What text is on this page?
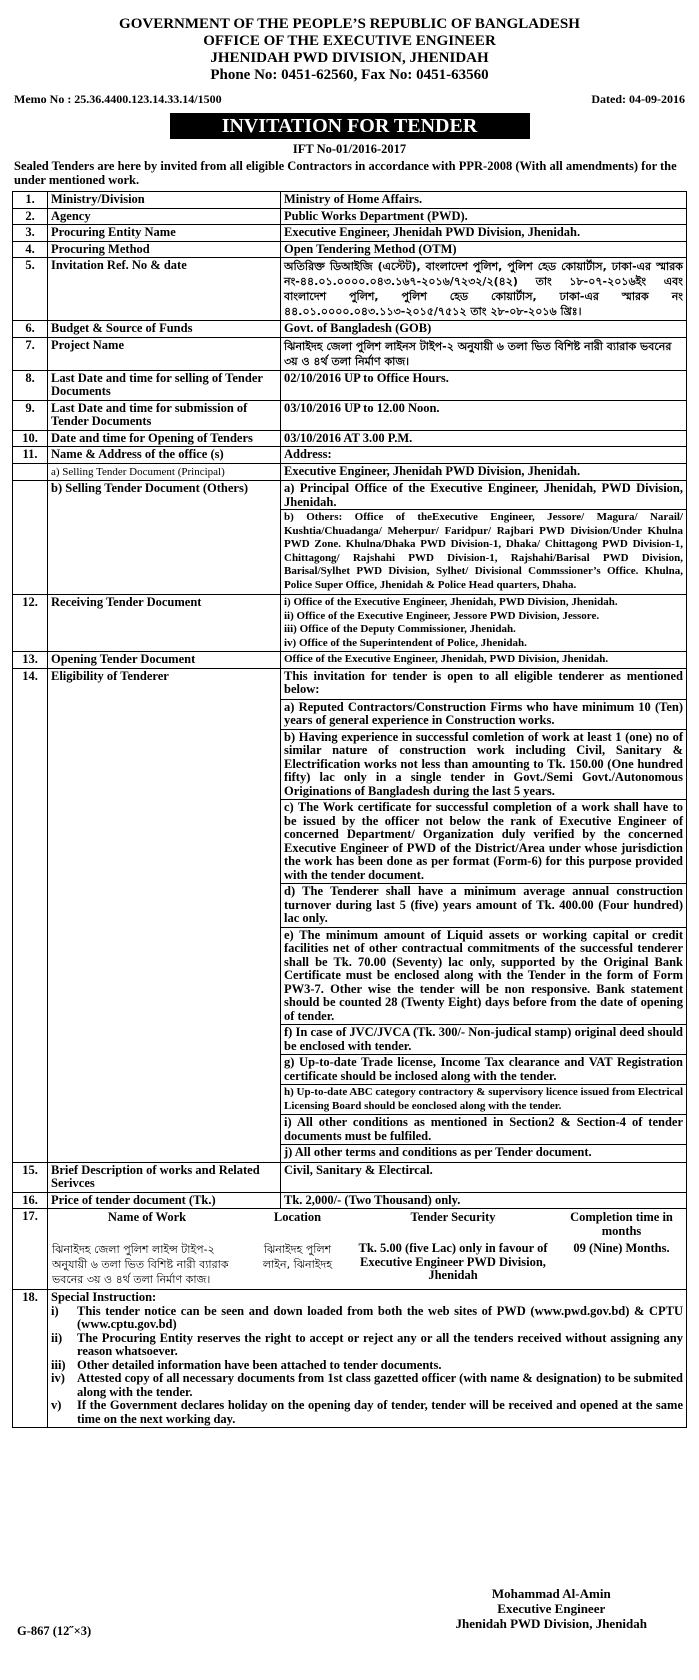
GOVERNMENT OF THE PEOPLE’S REPUBLIC OF BANGLADESH
OFFICE OF THE EXECUTIVE ENGINEER
JHENIDAH PWD DIVISION, JHENIDAH
Phone No: 0451-62560, Fax No: 0451-63560
Memo No : 25.36.4400.123.14.33.14/1500	Dated: 04-09-2016
INVITATION FOR TENDER
IFT No-01/2016-2017
Sealed Tenders are here by invited from all eligible Contractors in accordance with PPR-2008 (With all amendments) for the under mentioned work.
1.	Ministry/Division	Ministry of Home Affairs.
2.	Agency	Public Works Department (PWD).
3.	Procuring Entity Name	Executive Engineer, Jhenidah PWD Division, Jhenidah.
4.	Procuring Method	Open Tendering Method (OTM)
5.	Invitation Ref. No & date	অতিরিক্ত ডিআইজি (এস্টেট), বাংলাদেশ পুলিশ, পুলিশ হেড কোয়ার্টাস, ঢাকা-এর স্মারক নং-৪৪.০১.০০০০.০৪৩.১৬৭-২০১৬/৭২৩২/২(৪২) তাং ১৮-০৭-২০১৬ইং এবং বাংলাদেশ পুলিশ, পুলিশ হেড কোয়ার্টাস, ঢাকা-এর স্মারক নং ৪৪.০১.০০০০.০৪৩.১১৩-২০১৫/৭৫১২ তাং ২৮-০৮-২০১৬ খ্রিঃ।
6.	Budget & Source of Funds	Govt. of Bangladesh (GOB)
7.	Project Name	ঝিনাইদহ জেলা পুলিশ লাইনস টাইপ-২ অনুযায়ী ৬ তলা ভিত বিশিষ্ট নারী ব্যারাক ভবনের ৩য় ও ৪র্থ তলা নির্মাণ কাজ।
8.	Last Date and time for selling of Tender Documents	02/10/2016 UP to Office Hours.
9.	Last Date and time for submission of Tender Documents	03/10/2016 UP to 12.00 Noon.
10.	Date and time for Opening of Tenders	03/10/2016 AT 3.00 P.M.
11.	Name & Address of the office (s)	Address:
	a) Selling Tender Document (Principal)	Executive Engineer, Jhenidah PWD Division, Jhenidah.
	b) Selling Tender Document (Others)	a) Principal Office of the Executive Engineer, Jhenidah, PWD Division, Jhenidah.
b) Others: Office of theExecutive Engineer, Jessore/ Magura/ Narail/ Kushtia/Chuadanga/ Meherpur/ Faridpur/ Rajbari PWD Division/Under Khulna PWD Zone. Khulna/Dhaka PWD Division-1, Dhaka/ Chittagong PWD Division-1, Chittagong/ Rajshahi PWD Division-1, Rajshahi/Barisal PWD Division, Barisal/Sylhet PWD Division, Sylhet/ Divisional Commssioner’s Office. Khulna, Police Super Office, Jhenidah & Police Head quarters, Dhaha.

12.	Receiving Tender Document	i) Office of the Executive Engineer, Jhenidah, PWD Division, Jhenidah.
ii) Office of the Executive Engineer, Jessore PWD Division, Jessore.
iii) Office of the Deputy Commissioner, Jhenidah.
iv) Office of the Superintendent of Police, Jhenidah.

13.	Opening Tender Document	Office of the Executive Engineer, Jhenidah, PWD Division, Jhenidah.
14.	Eligibility of Tenderer	This invitation for tender is open to all eligible tenderer as mentioned below:
a) Reputed Contractors/Construction Firms who have minimum 10 (Ten) years of general experience in Construction works.
b) Having experience in successful comletion of work at least 1 (one) no of similar nature of construction work including Civil, Sanitary & Electrification works not less than amounting to Tk. 150.00 (One hundred fifty) lac only in a single tender in Govt./Semi Govt./Autonomous Originations of Bangladesh during the last 5 years.
c) The Work certificate for successful completion of a work shall have to be issued by the officer not below the rank of Executive Engineer of concerned Department/ Organization duly verified by the concerned Executive Engineer of PWD of the District/Area under whose jurisdiction the work has been done as per format (Form-6) for this purpose provided with the tender document.
d) The Tenderer shall have a minimum average annual construction turnover during last 5 (five) years amount of Tk. 400.00 (Four hundred) lac only.
e) The minimum amount of Liquid assets or working capital or credit facilities net of other contractual commitments of the successful tenderer shall be Tk. 70.00 (Seventy) lac only, supported by the Original Bank Certificate must be enclosed along with the Tender in the form of Form PW3-7. Other wise the tender will be non responsive. Bank statement should be counted 28 (Twenty Eight) days before from the date of opening of tender.
f) In case of JVC/JVCA (Tk. 300/- Non-judical stamp) original deed should be enclosed with tender.
g) Up-to-date Trade license, Income Tax clearance and VAT Registration certificate should be inclosed along with the tender.
h) Up-to-date ABC category contractory & supervisory licence issued from Electrical Licensing Board should be eonclosed along with the tender.
i) All other conditions as mentioned in Section2 & Section-4 of tender documents must be fulfiled.
j) All other terms and conditions as per Tender document.

15.	Brief Description of works and Related Serivces	Civil, Sanitary & Electircal.
16.	Price of tender document (Tk.)	Tk. 2,000/- (Two Thousand) only.
17.		Name of Work	Location	Tender Security	Completion time in months
ঝিনাইদহ জেলা পুলিশ লাইন্স টাইপ-২ অনুযায়ী ৬ তলা ভিত বিশিষ্ট নারী ব্যারাক ভবনের ৩য় ও ৪র্থ তলা নির্মাণ কাজ।	ঝিনাইদহ পুলিশ লাইন, ঝিনাইদহ	Tk. 5.00 (five Lac) only in favour of Executive Engineer PWD Division, Jhenidah	09 (Nine) Months.

18.	Special Instruction:
i)	This tender notice can be seen and down loaded from both the web sites of PWD (www.pwd.gov.bd) & CPTU (www.cptu.gov.bd)
ii)	The Procuring Entity reserves the right to accept or reject any or all the tenders received without assigning any reason whatsoever.
iii) Other detailed information have been attached to tender documents.
iv) Attested copy of all necessary documents from 1st class gazetted officer (with name & designation) to be submited along with the tender.
v)	If the Government declares holiday on the opening day of tender, tender will be received and opened at the same time on the next working day.
Mohammad Al-Amin
Executive Engineer
Jhenidah PWD Division, Jhenidah
G-867 (12˝×3)
